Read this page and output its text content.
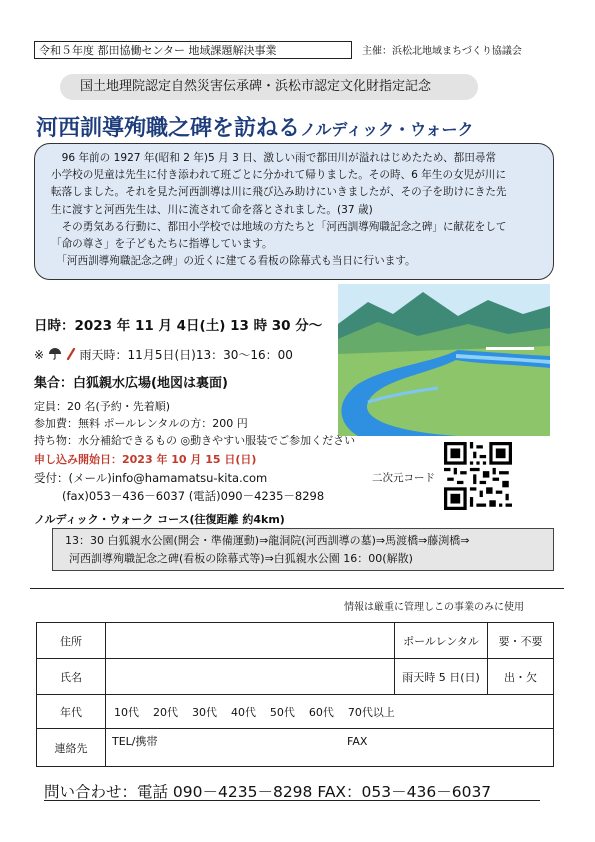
令和５年度 都田協働センター 地域課題解決事業	主催：浜松北地域まちづくり協議会
国土地理院認定自然災害伝承碑・浜松市認定文化財指定記念
河西訓導殉職之碑を訪ねるノルディック・ウォーク

　96 年前の 1927 年(昭和 2 年)5 月 3 日、激しい雨で都田川が溢れはじめたため、都田尋常

小学校の児童は先生に付き添われて班ごとに分かれて帰りました。その時、6 年生の女児が川に

転落しました。それを見た河西訓導は川に飛び込み助けにいきましたが、その子を助けにきた先

生に渡すと河西先生は、川に流されて命を落とされました。(37 歳)

　その勇気ある行動に、都田小学校では地域の方たちと「河西訓導殉職記念之碑」に献花をして

「命の尊さ」を子どもたちに指導しています。

　「河西訓導殉職記念之碑」の近くに建てる看板の除幕式も当日に行います。

日時：2023 年 11 月 4日(土) 13 時 30 分～
※	雨天時：11月5日(日)13：30～16：00
集合：白狐親水広場(地図は裏面)
定員：20 名(予約・先着順)
参加費：無料 ポールレンタルの方：200 円
持ち物：水分補給できるもの ◎動きやすい服装でご参加ください
申し込み開始日：2023 年 10 月 15 日(日)
受付：(メール)info@hamamatsu-kita.com	二次元コード
(fax)053－436－6037 (電話)090－4235－8298
ノルディック・ウォーク コース(往復距離 約4km)
13：30 白狐親水公園(開会・準備運動)⇒龍洞院(河西訓導の墓)⇒馬渡橋⇒藤渕橋⇒
河西訓導殉職記念之碑(看板の除幕式等)⇒白狐親水公園 16：00(解散)
情報は厳重に管理しこの事業のみに使用
住所		ポールレンタル	要・不要
氏名		雨天時 5 日(日)	出・欠
年代	10代    20代    30代    40代    50代    60代    70代以上		
連絡先	TEL/携帯 FAX		
問い合わせ：電話 090－4235－8298 FAX：053－436－6037
